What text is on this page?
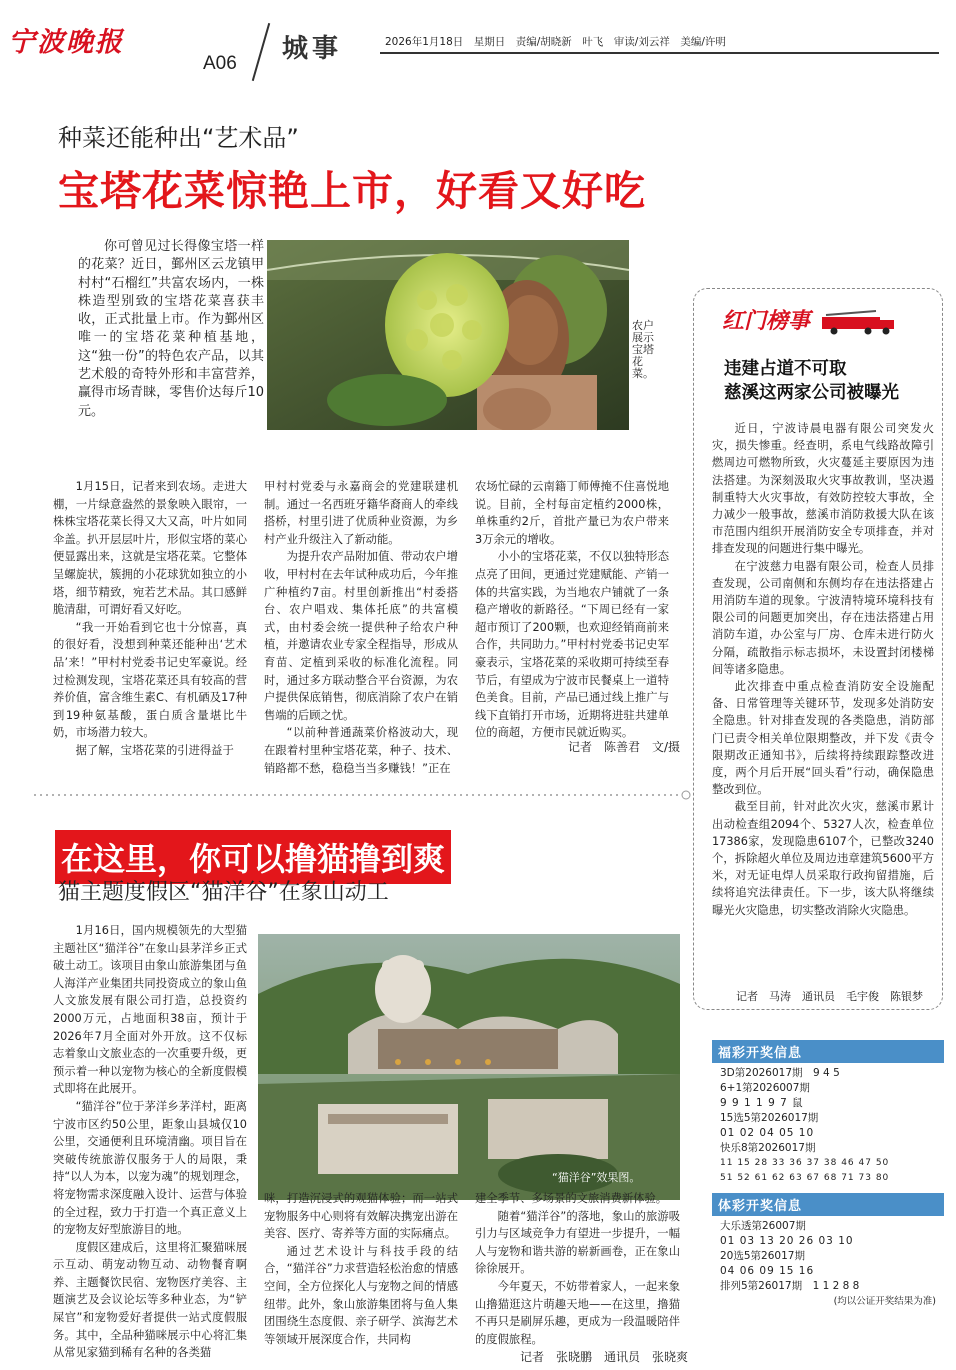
宁波晚报
A06 城事	2026年1月18日　星期日　责编/胡晓新　叶飞　审读/刘云祥　美编/许明
种菜还能种出“艺术品”
宝塔花菜惊艳上市，好看又好吃

你可曾见过长得像宝塔一样的花菜？近日，鄞州区云龙镇甲村村“石榴红”共富农场内，一株株造型别致的宝塔花菜喜获丰收，正式批量上市。作为鄞州区唯一的宝塔花菜种植基地，这“独一份”的特色农产品，以其艺术般的奇特外形和丰富营养，赢得市场青睐，零售价达每斤10元。

农户展示宝塔花菜。

1月15日，记者来到农场。走进大棚，一片绿意盎然的景象映入眼帘，一株株宝塔花菜长得又大又高，叶片如同伞盖。扒开层层叶片，形似宝塔的菜心便显露出来，这就是宝塔花菜。它整体呈螺旋状，簇拥的小花球犹如独立的小塔，细节精致，宛若艺术品。其口感鲜脆清甜，可谓好看又好吃。

“我一开始看到它也十分惊喜，真的很好看，没想到种菜还能种出‘艺术品’来！”甲村村党委书记史军豪说。经过检测发现，宝塔花菜还具有较高的营养价值，富含维生素C、有机硒及17种到19种氨基酸，蛋白质含量堪比牛奶，市场潜力较大。

据了解，宝塔花菜的引进得益于

甲村村党委与永嘉商会的党建联建机制。通过一名西班牙籍华裔商人的牵线搭桥，村里引进了优质种业资源，为乡村产业升级注入了新动能。

为提升农产品附加值、带动农户增收，甲村村在去年试种成功后，今年推广种植约7亩。村里创新推出“村委搭台、农户唱戏、集体托底”的共富模式，由村委会统一提供种子给农户种植，并邀请农业专家全程指导，形成从育苗、定植到采收的标准化流程。同时，通过多方联动整合平台资源，为农户提供保底销售，彻底消除了农户在销售端的后顾之忧。

“以前种普通蔬菜价格波动大，现在跟着村里种宝塔花菜，种子、技术、销路都不愁，稳稳当当多赚钱！”正在

农场忙碌的云南籍丁师傅掩不住喜悦地说。目前，全村每亩定植约2000株，单株重约2斤，首批产量已为农户带来3万余元的增收。

小小的宝塔花菜，不仅以独特形态点亮了田间，更通过党建赋能、产销一体的共富实践，为当地农户铺就了一条稳产增收的新路径。“下周已经有一家超市预订了200颗，也欢迎经销商前来合作，共同助力。”甲村村党委书记史军豪表示，宝塔花菜的采收期可持续至春节后，有望成为宁波市民餐桌上一道特色美食。目前，产品已通过线上推广与线下直销打开市场，近期将进驻共建单位的商超，方便市民就近购买。

记者　陈善君　文/摄
红门榜事
违建占道不可取
慈溪这两家公司被曝光

近日，宁波诗晨电器有限公司突发火灾，损失惨重。经查明，系电气线路故障引燃周边可燃物所致，火灾蔓延主要原因为违法搭建。为深刻汲取火灾事故教训，坚决遏制重特大火灾事故，有效防控较大事故，全力减少一般事故，慈溪市消防救援大队在该市范围内组织开展消防安全专项排查，并对排查发现的问题进行集中曝光。

在宁波慈力电器有限公司，检查人员排查发现，公司南侧和东侧均存在违法搭建占用消防车道的现象。宁波清特境环境科技有限公司的问题更加突出，存在违法搭建占用消防车道，办公室与厂房、仓库未进行防火分隔，疏散指示标志损坏，未设置封闭楼梯间等诸多隐患。

此次排查中重点检查消防安全设施配备、日常管理等关键环节，发现多处消防安全隐患。针对排查发现的各类隐患，消防部门已责令相关单位限期整改，并下发《责令限期改正通知书》，后续将持续跟踪整改进度，两个月后开展“回头看”行动，确保隐患整改到位。

截至目前，针对此次火灾，慈溪市累计出动检查组2094个、5327人次，检查单位17386家，发现隐患6107个，已整改3240个，拆除超火单位及周边违章建筑5600平方米，对无证电焊人员采取行政拘留措施，后续将追究法律责任。下一步，该大队将继续曝光火灾隐患，切实整改消除火灾隐患。

记者　马涛　通讯员　毛宇俊　陈银梦
在这里，你可以撸猫撸到爽
猫主题度假区“猫洋谷”在象山动工

1月16日，国内规模领先的大型猫主题社区“猫洋谷”在象山县茅洋乡正式破土动工。该项目由象山旅游集团与鱼人海洋产业集团共同投资成立的象山鱼人文旅发展有限公司打造，总投资约2000万元，占地面积38亩，预计于2026年7月全面对外开放。这不仅标志着象山文旅业态的一次重要升级，更预示着一种以宠物为核心的全新度假模式即将在此展开。

“猫洋谷”位于茅洋乡茅洋村，距离宁波市区约50公里，距象山县城仅10公里，交通便利且环境清幽。项目旨在突破传统旅游仅服务于人的局限，秉持“以人为本，以宠为魂”的规划理念，将宠物需求深度融入设计、运营与体验的全过程，致力于打造一个真正意义上的宠物友好型旅游目的地。

度假区建成后，这里将汇聚猫咪展示互动、萌宠动物互动、动物餐育啊养、主题餐饮民宿、宠物医疗美容、主题演艺及会议论坛等多种业态，为“铲屎官”和宠物爱好者提供一站式度假服务。其中，全品种猫咪展示中心将汇集从常见家猫到稀有名种的各类猫

“猫洋谷”效果图。

咪，打造沉浸式的观猫体验；而一站式宠物服务中心则将有效解决携宠出游在美容、医疗、寄养等方面的实际痛点。

通过艺术设计与科技手段的结合，“猫洋谷”力求营造轻松治愈的情感空间，全方位探化人与宠物之间的情感纽带。此外，象山旅游集团将与鱼人集团围绕生态度假、亲子研学、滨海艺术等领域开展深度合作，共同构

建全季节、多场景的文旅消费新体验。

随着“猫洋谷”的落地，象山的旅游吸引力与区域竞争力有望进一步提升，一幅人与宠物和谐共游的崭新画卷，正在象山徐徐展开。

今年夏天，不妨带着家人，一起来象山撸猫逛这片萌趣天地——在这里，撸猫不再只是刷屏乐趣，更成为一段温暖陪伴的度假旅程。

记者　张晓鹏　通讯员　张晓爽
福彩开奖信息
3D第2026017期　9 4 5
6+1第2026007期
9 9 1 1 9 7 鼠
15选5第2026017期
01 02 04 05 10
快乐8第2026017期
11 15 28 33 36 37 38 46 47 50
51 52 61 62 63 67 68 71 73 80
体彩开奖信息
大乐透第26007期
01 03 13 20 26 03 10
20选5第26017期
04 06 09 15 16
排列5第26017期　1 1 2 8 8
(均以公证开奖结果为准)
